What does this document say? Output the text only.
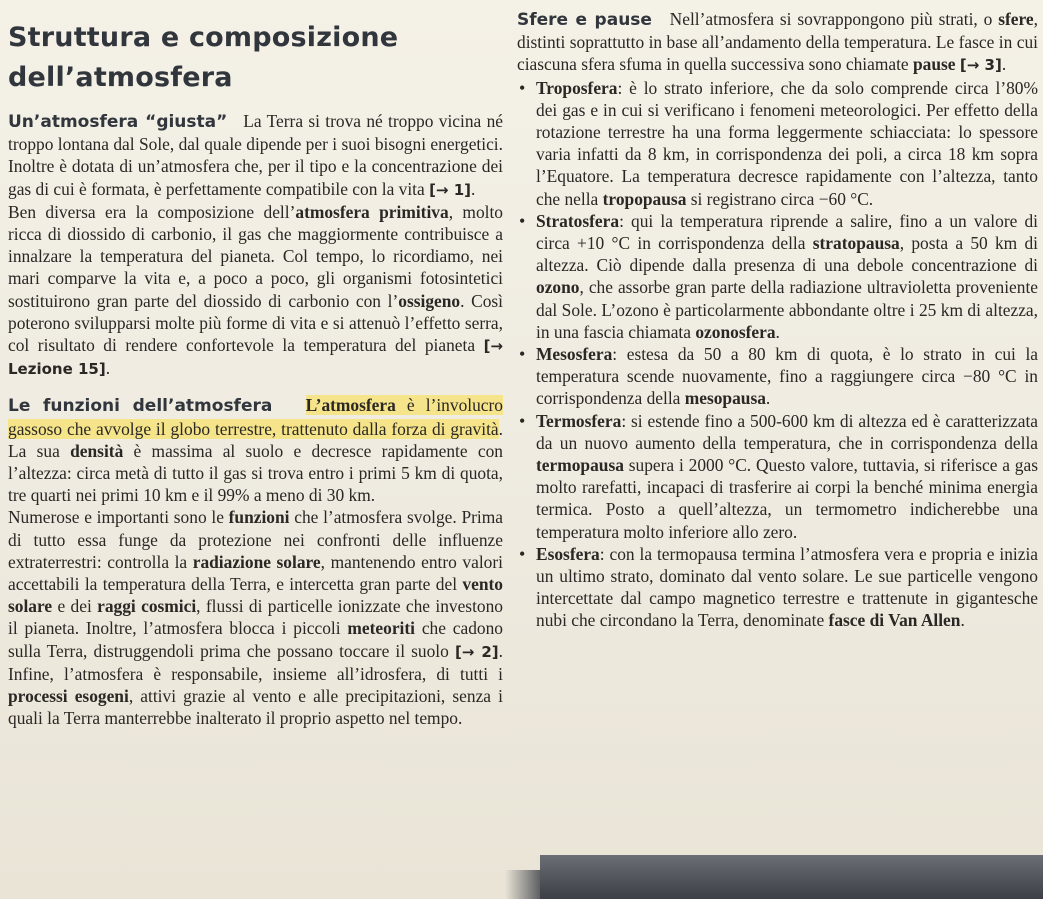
Struttura e composizione
dell’atmosfera

Un’atmosfera “giusta” La Terra si trova né troppo vicina né troppo lontana dal Sole, dal quale dipende per i suoi bisogni energetici. Inoltre è dotata di un’atmosfera che, per il tipo e la concentrazione dei gas di cui è formata, è perfettamente compatibile con la vita [→ 1].

Ben diversa era la composizione dell’atmosfera primitiva, molto ricca di diossido di carbonio, il gas che maggiormente contribuisce a innalzare la temperatura del pianeta. Col tempo, lo ricordiamo, nei mari comparve la vita e, a poco a poco, gli organismi fotosintetici sostituirono gran parte del diossido di carbonio con l’ossigeno. Così poterono svilupparsi molte più forme di vita e si attenuò l’effetto serra, col risultato di rendere confortevole la temperatura del pianeta [→ Lezione 15].

Le funzioni dell’atmosfera L’atmosfera è l’involucro gassoso che avvolge il globo terrestre, trattenuto dalla forza di gravità. La sua densità è massima al suolo e decresce rapidamente con l’altezza: circa metà di tutto il gas si trova entro i primi 5 km di quota, tre quarti nei primi 10 km e il 99% a meno di 30 km.

Numerose e importanti sono le funzioni che l’atmosfera svolge. Prima di tutto essa funge da protezione nei confronti delle influenze extraterrestri: controlla la radiazione solare, mantenendo entro valori accettabili la temperatura della Terra, e intercetta gran parte del vento solare e dei raggi cosmici, flussi di particelle ionizzate che investono il pianeta. Inoltre, l’atmosfera blocca i piccoli meteoriti che cadono sulla Terra, distruggendoli prima che possano toccare il suolo [→ 2]. Infine, l’atmosfera è responsabile, insieme all’idrosfera, di tutti i processi esogeni, attivi grazie al vento e alle precipitazioni, senza i quali la Terra manterrebbe inalterato il proprio aspetto nel tempo.

Sfere e pause Nell’atmosfera si sovrappongono più strati, o sfere, distinti soprattutto in base all’andamento della temperatura. Le fasce in cui ciascuna sfera sfuma in quella successiva sono chiamate pause [→ 3].

• Troposfera: è lo strato inferiore, che da solo comprende circa l’80% dei gas e in cui si verificano i fenomeni meteorologici. Per effetto della rotazione terrestre ha una forma leggermente schiacciata: lo spessore varia infatti da 8 km, in corrispondenza dei poli, a circa 18 km sopra l’Equatore. La temperatura decresce rapidamente con l’altezza, tanto che nella tropopausa si registrano circa −60 °C.

• Stratosfera: qui la temperatura riprende a salire, fino a un valore di circa +10 °C in corrispondenza della stratopausa, posta a 50 km di altezza. Ciò dipende dalla presenza di una debole concentrazione di ozono, che assorbe gran parte della radiazione ultravioletta proveniente dal Sole. L’ozono è particolarmente abbondante oltre i 25 km di altezza, in una fascia chiamata ozonosfera.

• Mesosfera: estesa da 50 a 80 km di quota, è lo strato in cui la temperatura scende nuovamente, fino a raggiungere circa −80 °C in corrispondenza della mesopausa.

• Termosfera: si estende fino a 500-600 km di altezza ed è caratterizzata da un nuovo aumento della temperatura, che in corrispondenza della termopausa supera i 2000 °C. Questo valore, tuttavia, si riferisce a gas molto rarefatti, incapaci di trasferire ai corpi la benché minima energia termica. Posto a quell’altezza, un termometro indicherebbe una temperatura molto inferiore allo zero.

• Esosfera: con la termopausa termina l’atmosfera vera e propria e inizia un ultimo strato, dominato dal vento solare. Le sue particelle vengono intercettate dal campo magnetico terrestre e trattenute in gigantesche nubi che circondano la Terra, denominate fasce di Van Allen.
